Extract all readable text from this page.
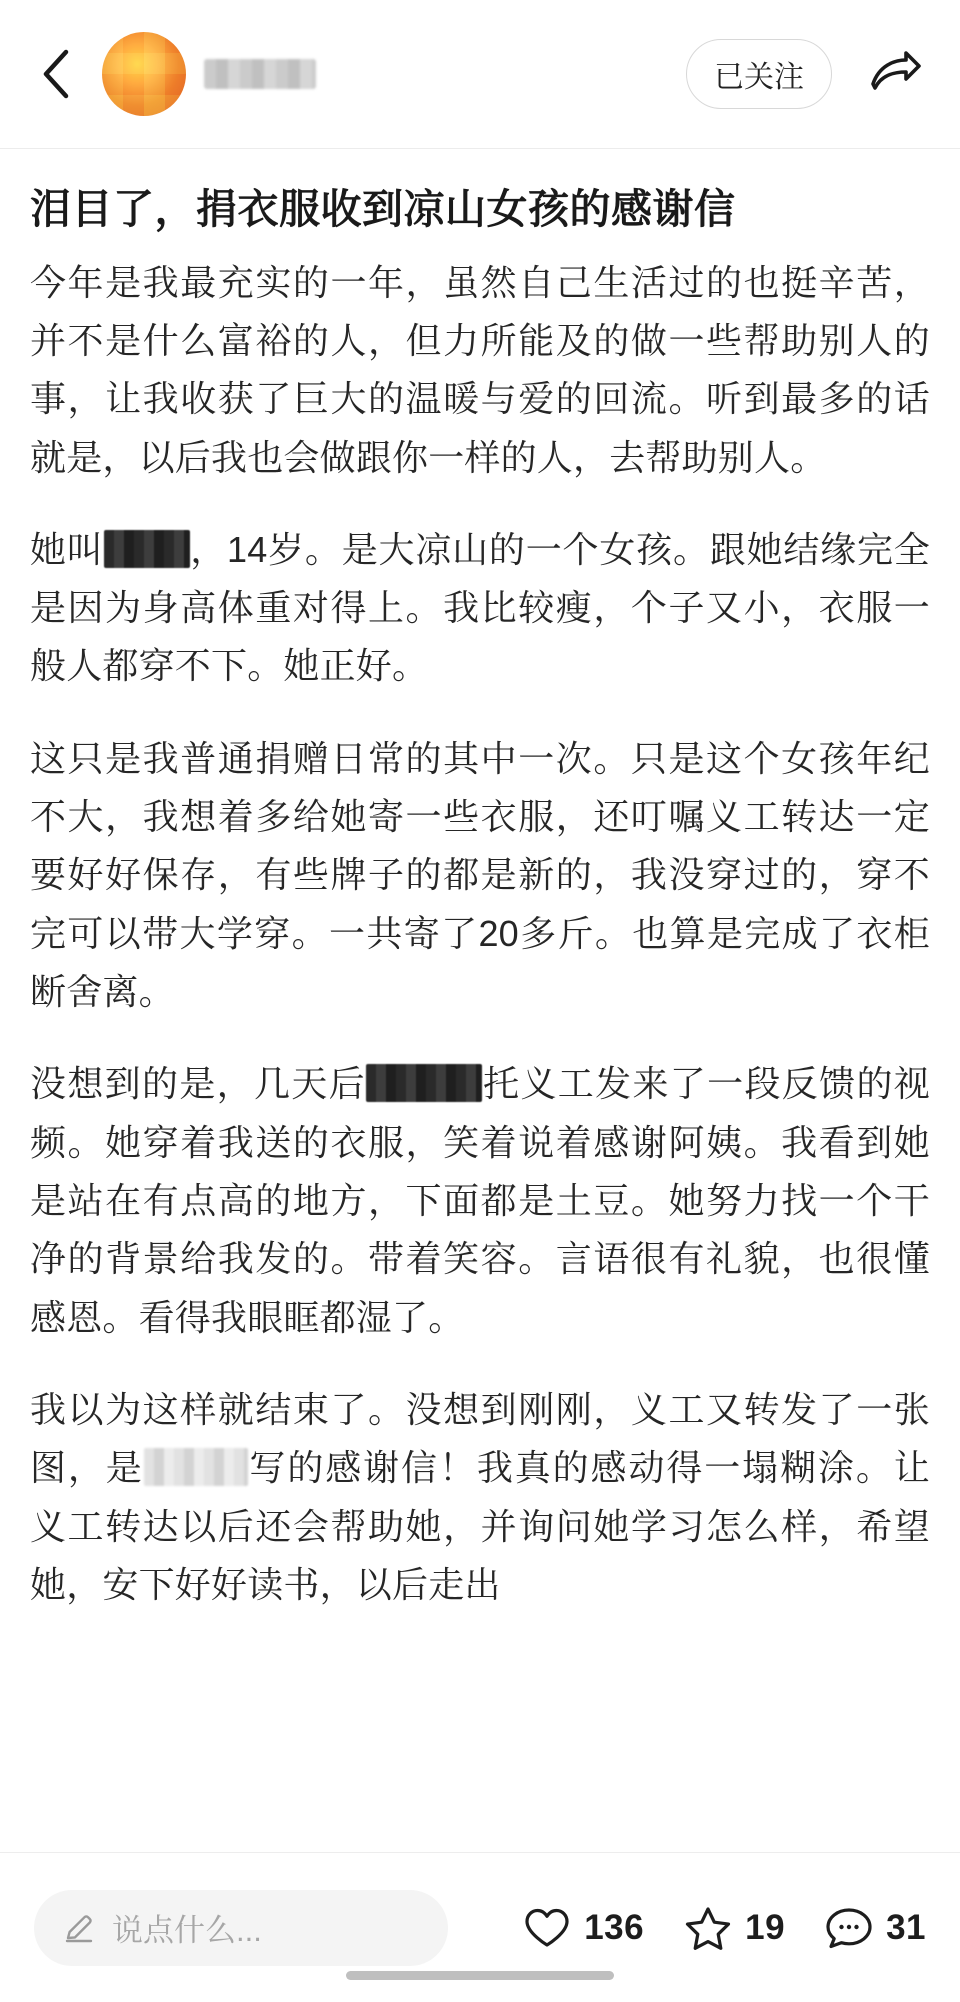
已关注
泪目了，捐衣服收到凉山女孩的感谢信

今年是我最充实的一年，虽然自己生活过的也挺辛苦，并不是什么富裕的人，但力所能及的做一些帮助别人的事，让我收获了巨大的温暖与爱的回流。听到最多的话就是，以后我也会做跟你一样的人，去帮助别人。

她叫 ，14岁。是大凉山的一个女孩。跟她结缘完全是因为身高体重对得上。我比较瘦，个子又小，衣服一般人都穿不下。她正好。

这只是我普通捐赠日常的其中一次。只是这个女孩年纪不大，我想着多给她寄一些衣服，还叮嘱义工转达一定要好好保存，有些牌子的都是新的，我没穿过的，穿不完可以带大学穿。一共寄了20多斤。也算是完成了衣柜断舍离。

没想到的是，几天后	托义工发来了一段反馈的视频。她穿着我送的衣服，笑着说着感谢阿姨。我看到她是站在有点高的地方，下面都是土豆。她努力找一个干净的背景给我发的。带着笑容。言语很有礼貌，也很懂感恩。看得我眼眶都湿了。

我以为这样就结束了。没想到刚刚，义工又转发了一张图，是	写的感谢信！我真的感动得一塌糊涂。让义工转达以后还会帮助她，并询问她学习怎么样，希望她，安下好好读书，以后走出

说点什么...	136	19	31
